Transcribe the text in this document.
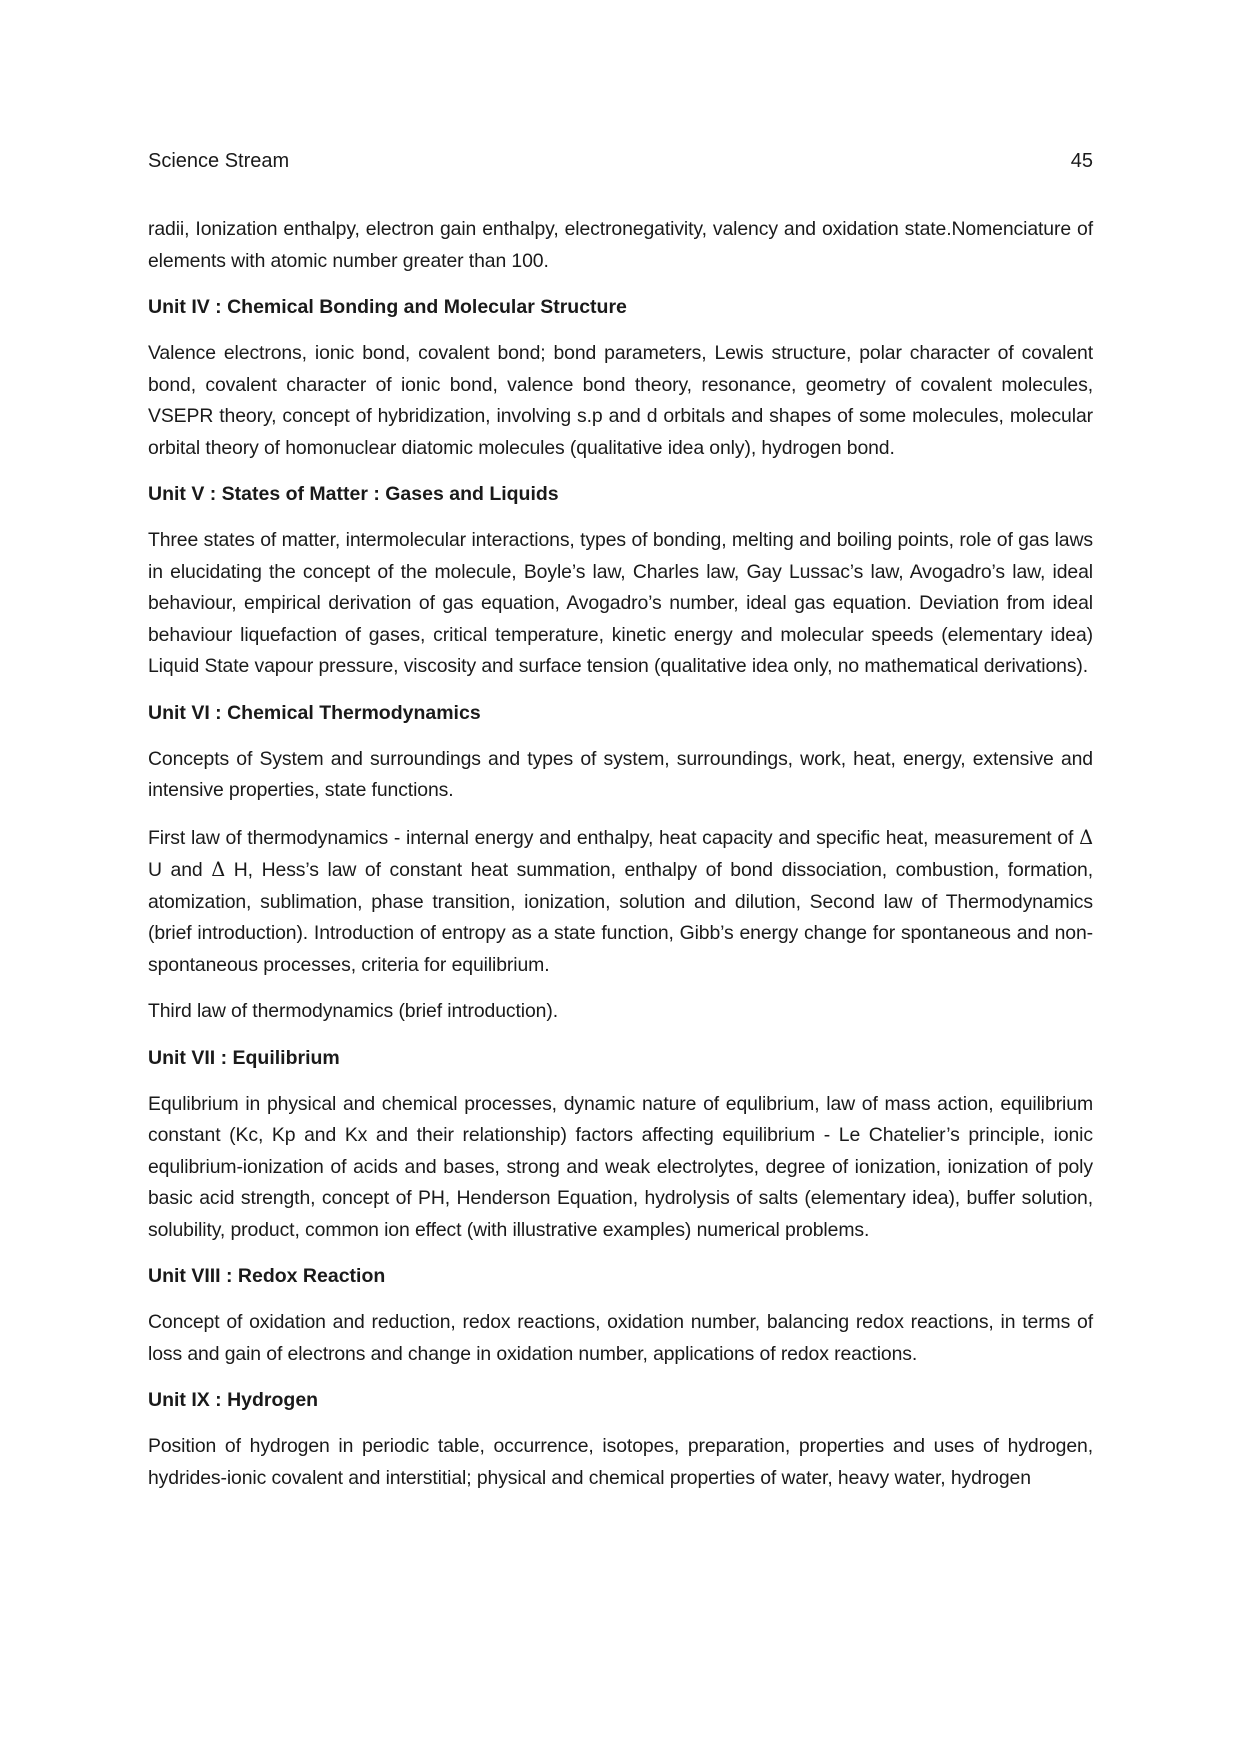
Science Stream	45

radii, Ionization enthalpy, electron gain enthalpy, electronegativity, valency and oxidation state.Nomenciature of elements with atomic number greater than 100.

Unit IV : Chemical Bonding and Molecular Structure

Valence electrons, ionic bond, covalent bond; bond parameters, Lewis structure, polar character of covalent bond, covalent character of ionic bond, valence bond theory, resonance, geometry of covalent molecules, VSEPR theory, concept of hybridization, involving s.p and d orbitals and shapes of some molecules, molecular orbital theory of homonuclear diatomic molecules (qualitative idea only), hydrogen bond.

Unit V : States of Matter : Gases and Liquids

Three states of matter, intermolecular interactions, types of bonding, melting and boiling points, role of gas laws in elucidating the concept of the molecule, Boyle’s law, Charles law, Gay Lussac’s law, Avogadro’s law, ideal behaviour, empirical derivation of gas equation, Avogadro’s number, ideal gas equation. Deviation from ideal behaviour liquefaction of gases, critical temperature, kinetic energy and molecular speeds (elementary idea) Liquid State vapour pressure, viscosity and surface tension (qualitative idea only, no mathematical derivations).

Unit VI : Chemical Thermodynamics

Concepts of System and surroundings and types of system, surroundings, work, heat, energy, extensive and intensive properties, state functions.

First law of thermodynamics - internal energy and enthalpy, heat capacity and specific heat, measurement of Δ U and Δ H, Hess’s law of constant heat summation, enthalpy of bond dissociation, combustion, formation, atomization, sublimation, phase transition, ionization, solution and dilution, Second law of Thermodynamics (brief introduction). Introduction of entropy as a state function, Gibb’s energy change for spontaneous and non-spontaneous processes, criteria for equilibrium.

Third law of thermodynamics (brief introduction).

Unit VII : Equilibrium

Equlibrium in physical and chemical processes, dynamic nature of equlibrium, law of mass action, equilibrium constant (Kc, Kp and Kx and their relationship) factors affecting equilibrium - Le Chatelier’s principle, ionic equlibrium-ionization of acids and bases, strong and weak electrolytes, degree of ionization, ionization of poly basic acid strength, concept of PH, Henderson Equation, hydrolysis of salts (elementary idea), buffer solution, solubility, product, common ion effect (with illustrative examples) numerical problems.

Unit VIII : Redox Reaction

Concept of oxidation and reduction, redox reactions, oxidation number, balancing redox reactions, in terms of loss and gain of electrons and change in oxidation number, applications of redox reactions.

Unit IX : Hydrogen

Position of hydrogen in periodic table, occurrence, isotopes, preparation, properties and uses of hydrogen, hydrides-ionic covalent and interstitial; physical and chemical properties of water, heavy water, hydrogen
